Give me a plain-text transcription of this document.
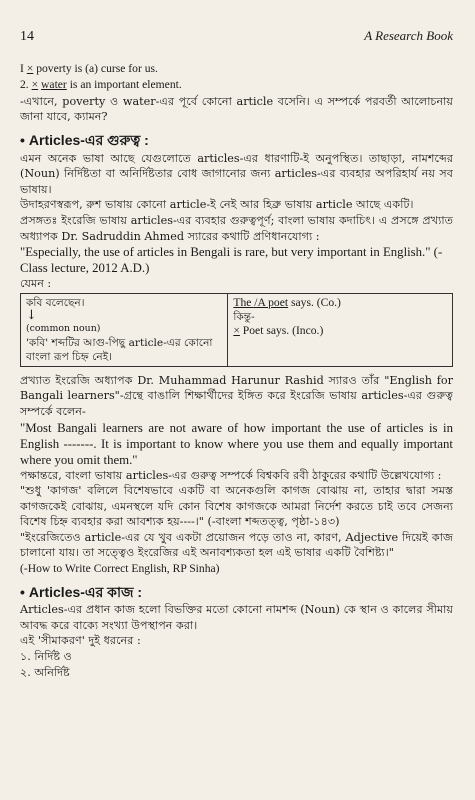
14	A Research Book

I × poverty is (a) curse for us.

2. × water is an important element.

-এখানে, poverty ও water-এর পূর্বে কোনো article বসেনি। এ সম্পর্কে পরবর্তী আলোচনায় জানা যাবে, ক্যামন?

• Articles-এর গুরুত্ব :

এমন অনেক ভাষা আছে যেগুলোতে articles-এর ধারণাটি-ই অনুপস্থিত। তাছাড়া, নামশব্দের (Noun) নির্দিষ্টতা বা অনির্দিষ্টতার বোধ জাগানোর জন্য articles-এর ব্যবহার অপরিহার্য নয় সব ভাষায়।

উদাহরণস্বরূপ, রুশ ভাষায় কোনো article-ই নেই আর হিব্রু ভাষায় article আছে একটি।

প্রসঙ্গতঃ ইংরেজি ভাষায় articles-এর ব্যবহার গুরুত্বপূর্ণ; বাংলা ভাষায় কদাচিৎ। এ প্রসঙ্গে প্রখ্যাত অধ্যাপক Dr. Sadruddin Ahmed স্যারের কথাটি প্রণিধানযোগ্য :

"Especially, the use of articles in Bengali is rare, but very important in English." (- Class lecture, 2012 A.D.)

যেমন :

কবি বলেছেন।
↓
(common noun)
'কবি' শব্দটির আগু-পিছু article-এর কোনো বাংলা রূপ চিহ্ন নেই।

The /A poet says. (Co.)
কিন্তু-
× Poet says. (Inco.)

প্রখ্যাত ইংরেজি অধ্যাপক Dr. Muhammad Harunur Rashid স্যারও তাঁর "English for Bangali learners"-গ্রন্থে বাঙালি শিক্ষার্থীদের ইঙ্গিত করে ইংরেজি ভাষায় articles-এর গুরুত্ব সম্পর্কে বলেন-

"Most Bangali learners are not aware of how important the use of articles is in English -------. It is important to know where you use them and equally important where you omit them."

পক্ষান্তরে, বাংলা ভাষায় articles-এর গুরুত্ব সম্পর্কে বিশ্বকবি রবী ঠাকুরের কথাটি উল্লেখযোগ্য :

"শুধু 'কাগজ' বলিলে বিশেষভাবে একটি বা অনেকগুলি কাগজ বোঝায় না, তাহার দ্বারা সমস্ত কাগজকেই বোঝায়, এমনস্থলে যদি কোন বিশেষ কাগজকে আমরা নির্দেশ করতে চাই তবে সেজন্য বিশেষ চিহ্ন ব্যবহার করা আবশ্যক হয়----।" (-বাংলা শব্দতত্ত্ব, পৃষ্ঠা-১৪৩)

"ইংরেজিতেও article-এর যে খুব একটা প্রয়োজন পড়ে তাও না, কারণ, Adjective দিয়েই কাজ চালানো যায়। তা সত্ত্বেও ইংরেজির এই অনাবশ্যকতা হল এই ভাষার একটি বৈশিষ্ট্য।"

(-How to Write Correct English, RP Sinha)

• Articles-এর কাজ :

Articles-এর প্রধান কাজ হলো বিভক্তির মতো কোনো নামশব্দ (Noun) কে স্থান ও কালের সীমায় আবদ্ধ করে বাক্যে সংখ্যা উপস্থাপন করা।

এই 'সীমাকরণ' দুই ধরনের :

১. নির্দিষ্ট ও

২. অনির্দিষ্ট
